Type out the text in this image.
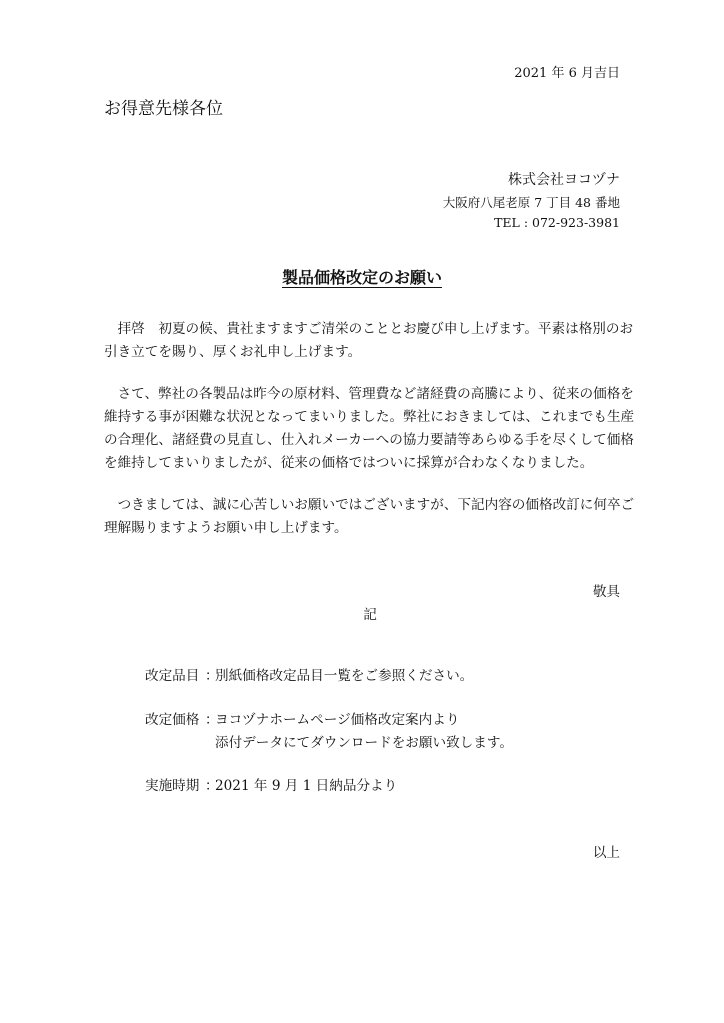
2021 年 6 月吉日
お得意先様各位
株式会社ヨコヅナ
大阪府八尾老原 7 丁目 48 番地
TEL : 072-923-3981
製品価格改定のお願い
　拝啓　初夏の候、貴社ますますご清栄のこととお慶び申し上げます。平素は格別のお
引き立てを賜り、厚くお礼申し上げます。
　さて、弊社の各製品は昨今の原材料、管理費など諸経費の高騰により、従来の価格を
維持する事が困難な状況となってまいりました。弊社におきましては、これまでも生産
の合理化、諸経費の見直し、仕入れメーカーへの協力要請等あらゆる手を尽くして価格
を維持してまいりましたが、従来の価格ではついに採算が合わなくなりました。
　つきましては、誠に心苦しいお願いではございますが、下記内容の価格改訂に何卒ご
理解賜りますようお願い申し上げます。
敬具
記
改定品目 ：別紙価格改定品目一覧をご参照ください。
改定価格 ：ヨコヅナホームページ価格改定案内より
添付データにてダウンロードをお願い致します。
実施時期 ：2021 年 9 月 1 日納品分より
以上
